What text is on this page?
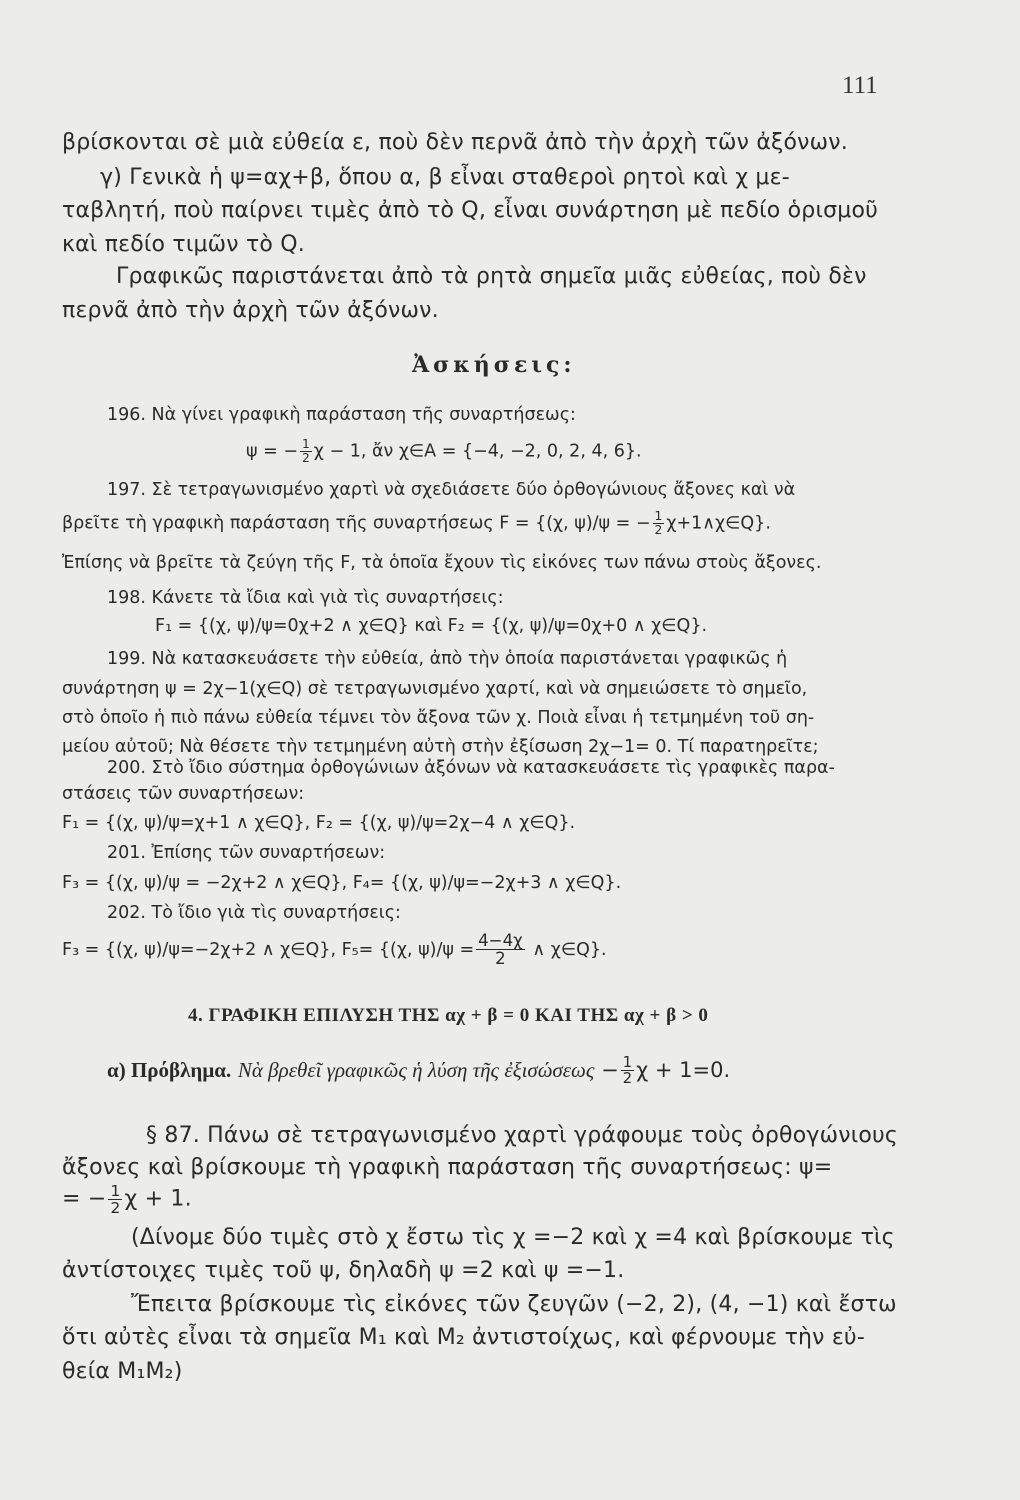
111
βρίσκονται σὲ μιὰ εὐθεία ε, ποὺ δὲν περνᾶ ἀπὸ τὴν ἀρχὴ τῶν ἀξόνων.
γ) Γενικὰ ἡ ψ=αχ+β, ὅπου α, β εἶναι σταθεροὶ ρητοὶ καὶ χ με-
ταβλητή, ποὺ παίρνει τιμὲς ἀπὸ τὸ Q, εἶναι συνάρτηση μὲ πεδίο ὁρισμοῦ
καὶ πεδίο τιμῶν τὸ Q.
Γραφικῶς παριστάνεται ἀπὸ τὰ ρητὰ σημεῖα μιᾶς εὐθείας, ποὺ δὲν
περνᾶ ἀπὸ τὴν ἀρχὴ τῶν ἀξόνων.
Ἀσκήσεις:
196. Νὰ γίνει γραφικὴ παράσταση τῆς συναρτήσεως:
ψ = − $\frac{1}{2}$ χ − 1, ἄν χ∈Α = {−4, −2, 0, 2, 4, 6}.
197. Σὲ τετραγωνισμένο χαρτὶ νὰ σχεδιάσετε δύο ὀρθογώνιους ἄξονες καὶ νὰ
βρεῖτε τὴ γραφικὴ παράσταση τῆς συναρτήσεως F = {(χ, ψ)/ψ = − $\frac{1}{2}$ χ+1∧χ∈Q}.
Ἐπίσης νὰ βρεῖτε τὰ ζεύγη τῆς F, τὰ ὁποῖα ἔχουν τὶς εἰκόνες των πάνω στοὺς ἄξονες.
198. Κάνετε τὰ ἴδια καὶ γιὰ τὶς συναρτήσεις:
F₁ = {(χ, ψ)/ψ=0χ+2 ∧ χ∈Q} καὶ F₂ = {(χ, ψ)/ψ=0χ+0 ∧ χ∈Q}.
199. Νὰ κατασκευάσετε τὴν εὐθεία, ἀπὸ τὴν ὁποία παριστάνεται γραφικῶς ἡ
συνάρτηση ψ = 2χ−1(χ∈Q) σὲ τετραγωνισμένο χαρτί, καὶ νὰ σημειώσετε τὸ σημεῖο,
στὸ ὁποῖο ἡ πιὸ πάνω εὐθεία τέμνει τὸν ἄξονα τῶν χ. Ποιὰ εἶναι ἡ τετμημένη τοῦ ση-
μείου αὐτοῦ; Νὰ θέσετε τὴν τετμημένη αὐτὴ στὴν ἐξίσωση 2χ−1= 0. Τί παρατηρεῖτε;
200. Στὸ ἴδιο σύστημα ὀρθογώνιων ἀξόνων νὰ κατασκευάσετε τὶς γραφικὲς παρα-
στάσεις τῶν συναρτήσεων:
F₁ = {(χ, ψ)/ψ=χ+1 ∧ χ∈Q}, F₂ = {(χ, ψ)/ψ=2χ−4 ∧ χ∈Q}.
201. Ἐπίσης τῶν συναρτήσεων:
F₃ = {(χ, ψ)/ψ = −2χ+2 ∧ χ∈Q}, F₄= {(χ, ψ)/ψ=−2χ+3 ∧ χ∈Q}.
202. Τὸ ἴδιο γιὰ τὶς συναρτήσεις:
F₃ = {(χ, ψ)/ψ=−2χ+2 ∧ χ∈Q}, F₅= {(χ, $\psi)/\psi = \frac{4-4\chi}{2}$ ∧ χ∈Q}.
4. ΓΡΑΦΙΚΗ ΕΠΙΛΥΣΗ ΤΗΣ αχ + β = 0 ΚΑΙ ΤΗΣ αχ + β > 0
α) Πρόβλημα. Νὰ βρεθεῖ γραφικῶς ἡ λύση τῆς ἐξισώσεως − $\frac{1}{2}$ χ + 1=0.
§ 87. Πάνω σὲ τετραγωνισμένο χαρτὶ γράφουμε τοὺς ὀρθογώνιους
ἄξονες καὶ βρίσκουμε τὴ γραφικὴ παράσταση τῆς συναρτήσεως: ψ=
= − $\frac{1}{2}$ χ + 1.
(Δίνομε δύο τιμὲς στὸ χ ἔστω τὶς χ =−2 καὶ χ =4 καὶ βρίσκουμε τὶς
ἀντίστοιχες τιμὲς τοῦ ψ, δηλαδὴ ψ =2 καὶ ψ =−1.
Ἔπειτα βρίσκουμε τὶς εἰκόνες τῶν ζευγῶν (−2, 2), (4, −1) καὶ ἔστω
ὅτι αὐτὲς εἶναι τὰ σημεῖα M₁ καὶ M₂ ἀντιστοίχως, καὶ φέρνουμε τὴν εὐ-
θεία M₁M₂)
